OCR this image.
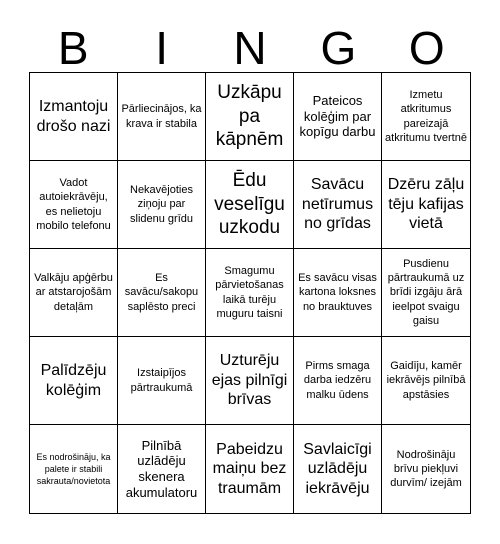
B	I	N	G	O
Izmantoju drošo nazi
Pārliecinājos, ka krava ir stabila
Uzkāpu pa kāpnēm
Pateicos kolēģim par kopīgu darbu
Izmetu atkritumus pareizajā atkritumu tvertnē
Vadot autoiekrāvēju, es nelietoju mobilo telefonu
Nekavējoties ziņoju par slidenu grīdu
Ēdu veselīgu uzkodu
Savācu netīrumus no grīdas
Dzēru zāļu tēju kafijas vietā
Valkāju apģērbu ar atstarojošām detaļām
Es savācu/sakopu saplēsto preci
Smagumu pārvietošanas laikā turēju muguru taisni
Es savācu visas kartona loksnes no brauktuves
Pusdienu pārtraukumā uz brīdi izgāju ārā ieelpot svaigu gaisu
Palīdzēju kolēģim
Izstaipījos pārtraukumā
Uzturēju ejas pilnīgi brīvas
Pirms smaga darba iedzēru malku ūdens
Gaidīju, kamēr iekrāvējs pilnībā apstāsies
Es nodrošināju, ka palete ir stabili sakrauta/novietota
Pilnībā uzlādēju skenera akumulatoru
Pabeidzu maiņu bez traumām
Savlaicīgi uzlādēju iekrāvēju
Nodrošināju brīvu piekļuvi durvīm/ izejām
